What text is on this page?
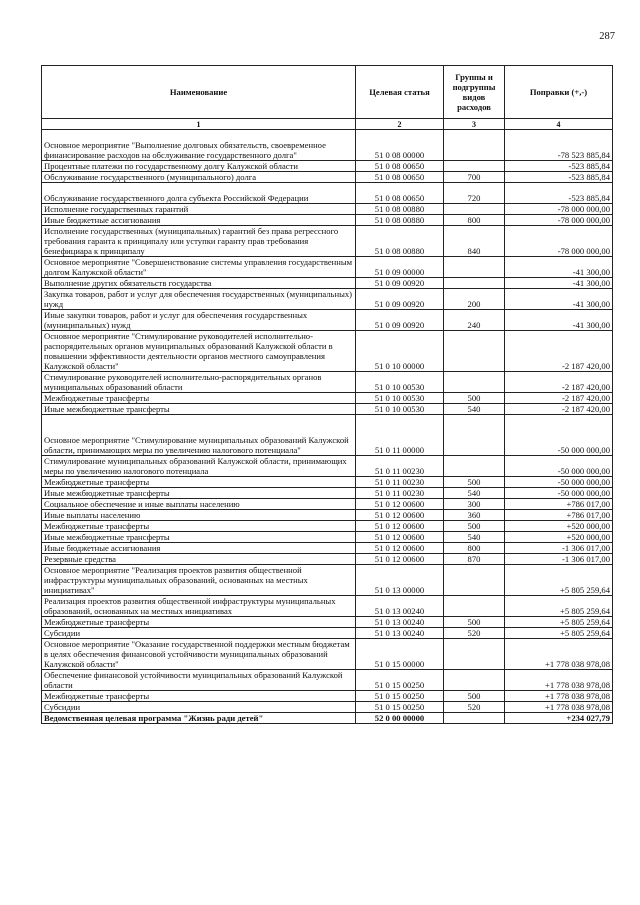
287
Наименование	Целевая статья	Группы и подгруппы видов расходов	Поправки (+,-)
1	2	3	4
Основное мероприятие "Выполнение долговых обязательств, своевременное финансирование расходов на обслуживание государственного долга"	51 0 08 00000		-78 523 885,84
Процентные платежи по государственному долгу Калужской области	51 0 08 00650		-523 885,84
Обслуживание государственного (муниципального) долга	51 0 08 00650	700	-523 885,84
Обслуживание государственного долга субъекта Российской Федерации	51 0 08 00650	720	-523 885,84
Исполнение государственных гарантий	51 0 08 00880		-78 000 000,00
Иные бюджетные ассигнования	51 0 08 00880	800	-78 000 000,00
Исполнение государственных (муниципальных) гарантий без права регрессного требования гаранта к принципалу или уступки гаранту прав требования бенефициара к принципалу	51 0 08 00880	840	-78 000 000,00
Основное мероприятие "Совершенствование системы управления государственным долгом Калужской области"	51 0 09 00000		-41 300,00
Выполнение других обязательств государства	51 0 09 00920		-41 300,00
Закупка товаров, работ и услуг для обеспечения государственных (муниципальных) нужд	51 0 09 00920	200	-41 300,00
Иные закупки товаров, работ и услуг для обеспечения государственных (муниципальных) нужд	51 0 09 00920	240	-41 300,00
Основное мероприятие "Стимулирование руководителей исполнительно-распорядительных органов муниципальных образований Калужской области в повышении эффективности деятельности органов местного самоуправления Калужской области"	51 0 10 00000		-2 187 420,00
Стимулирование руководителей исполнительно-распорядительных органов муниципальных образований области	51 0 10 00530		-2 187 420,00
Межбюджетные трансферты	51 0 10 00530	500	-2 187 420,00
Иные межбюджетные трансферты	51 0 10 00530	540	-2 187 420,00
Основное мероприятие "Стимулирование муниципальных образований Калужской области, принимающих меры по увеличению налогового потенциала"	51 0 11 00000		-50 000 000,00
Стимулирование муниципальных образований Калужской области, принимающих меры по увеличению налогового потенциала	51 0 11 00230		-50 000 000,00
Межбюджетные трансферты	51 0 11 00230	500	-50 000 000,00
Иные межбюджетные трансферты	51 0 11 00230	540	-50 000 000,00
Социальное обеспечение и иные выплаты населению	51 0 12 00600	300	+786 017,00
Иные выплаты населению	51 0 12 00600	360	+786 017,00
Межбюджетные трансферты	51 0 12 00600	500	+520 000,00
Иные межбюджетные трансферты	51 0 12 00600	540	+520 000,00
Иные бюджетные ассигнования	51 0 12 00600	800	-1 306 017,00
Резервные средства	51 0 12 00600	870	-1 306 017,00
Основное мероприятие "Реализация проектов развития общественной инфраструктуры муниципальных образований, основанных на местных инициативах"	51 0 13 00000		+5 805 259,64
Реализация проектов развития общественной инфраструктуры муниципальных образований, основанных на местных инициативах	51 0 13 00240		+5 805 259,64
Межбюджетные трансферты	51 0 13 00240	500	+5 805 259,64
Субсидии	51 0 13 00240	520	+5 805 259,64
Основное мероприятие "Оказание государственной поддержки местным бюджетам в целях обеспечения финансовой устойчивости муниципальных образований Калужской области"	51 0 15 00000		+1 778 038 978,08
Обеспечение финансовой устойчивости муниципальных образований Калужской области	51 0 15 00250		+1 778 038 978,08
Межбюджетные трансферты	51 0 15 00250	500	+1 778 038 978,08
Субсидии	51 0 15 00250	520	+1 778 038 978,08
Ведомственная целевая программа "Жизнь ради детей"	52 0 00 00000		+234 027,79
